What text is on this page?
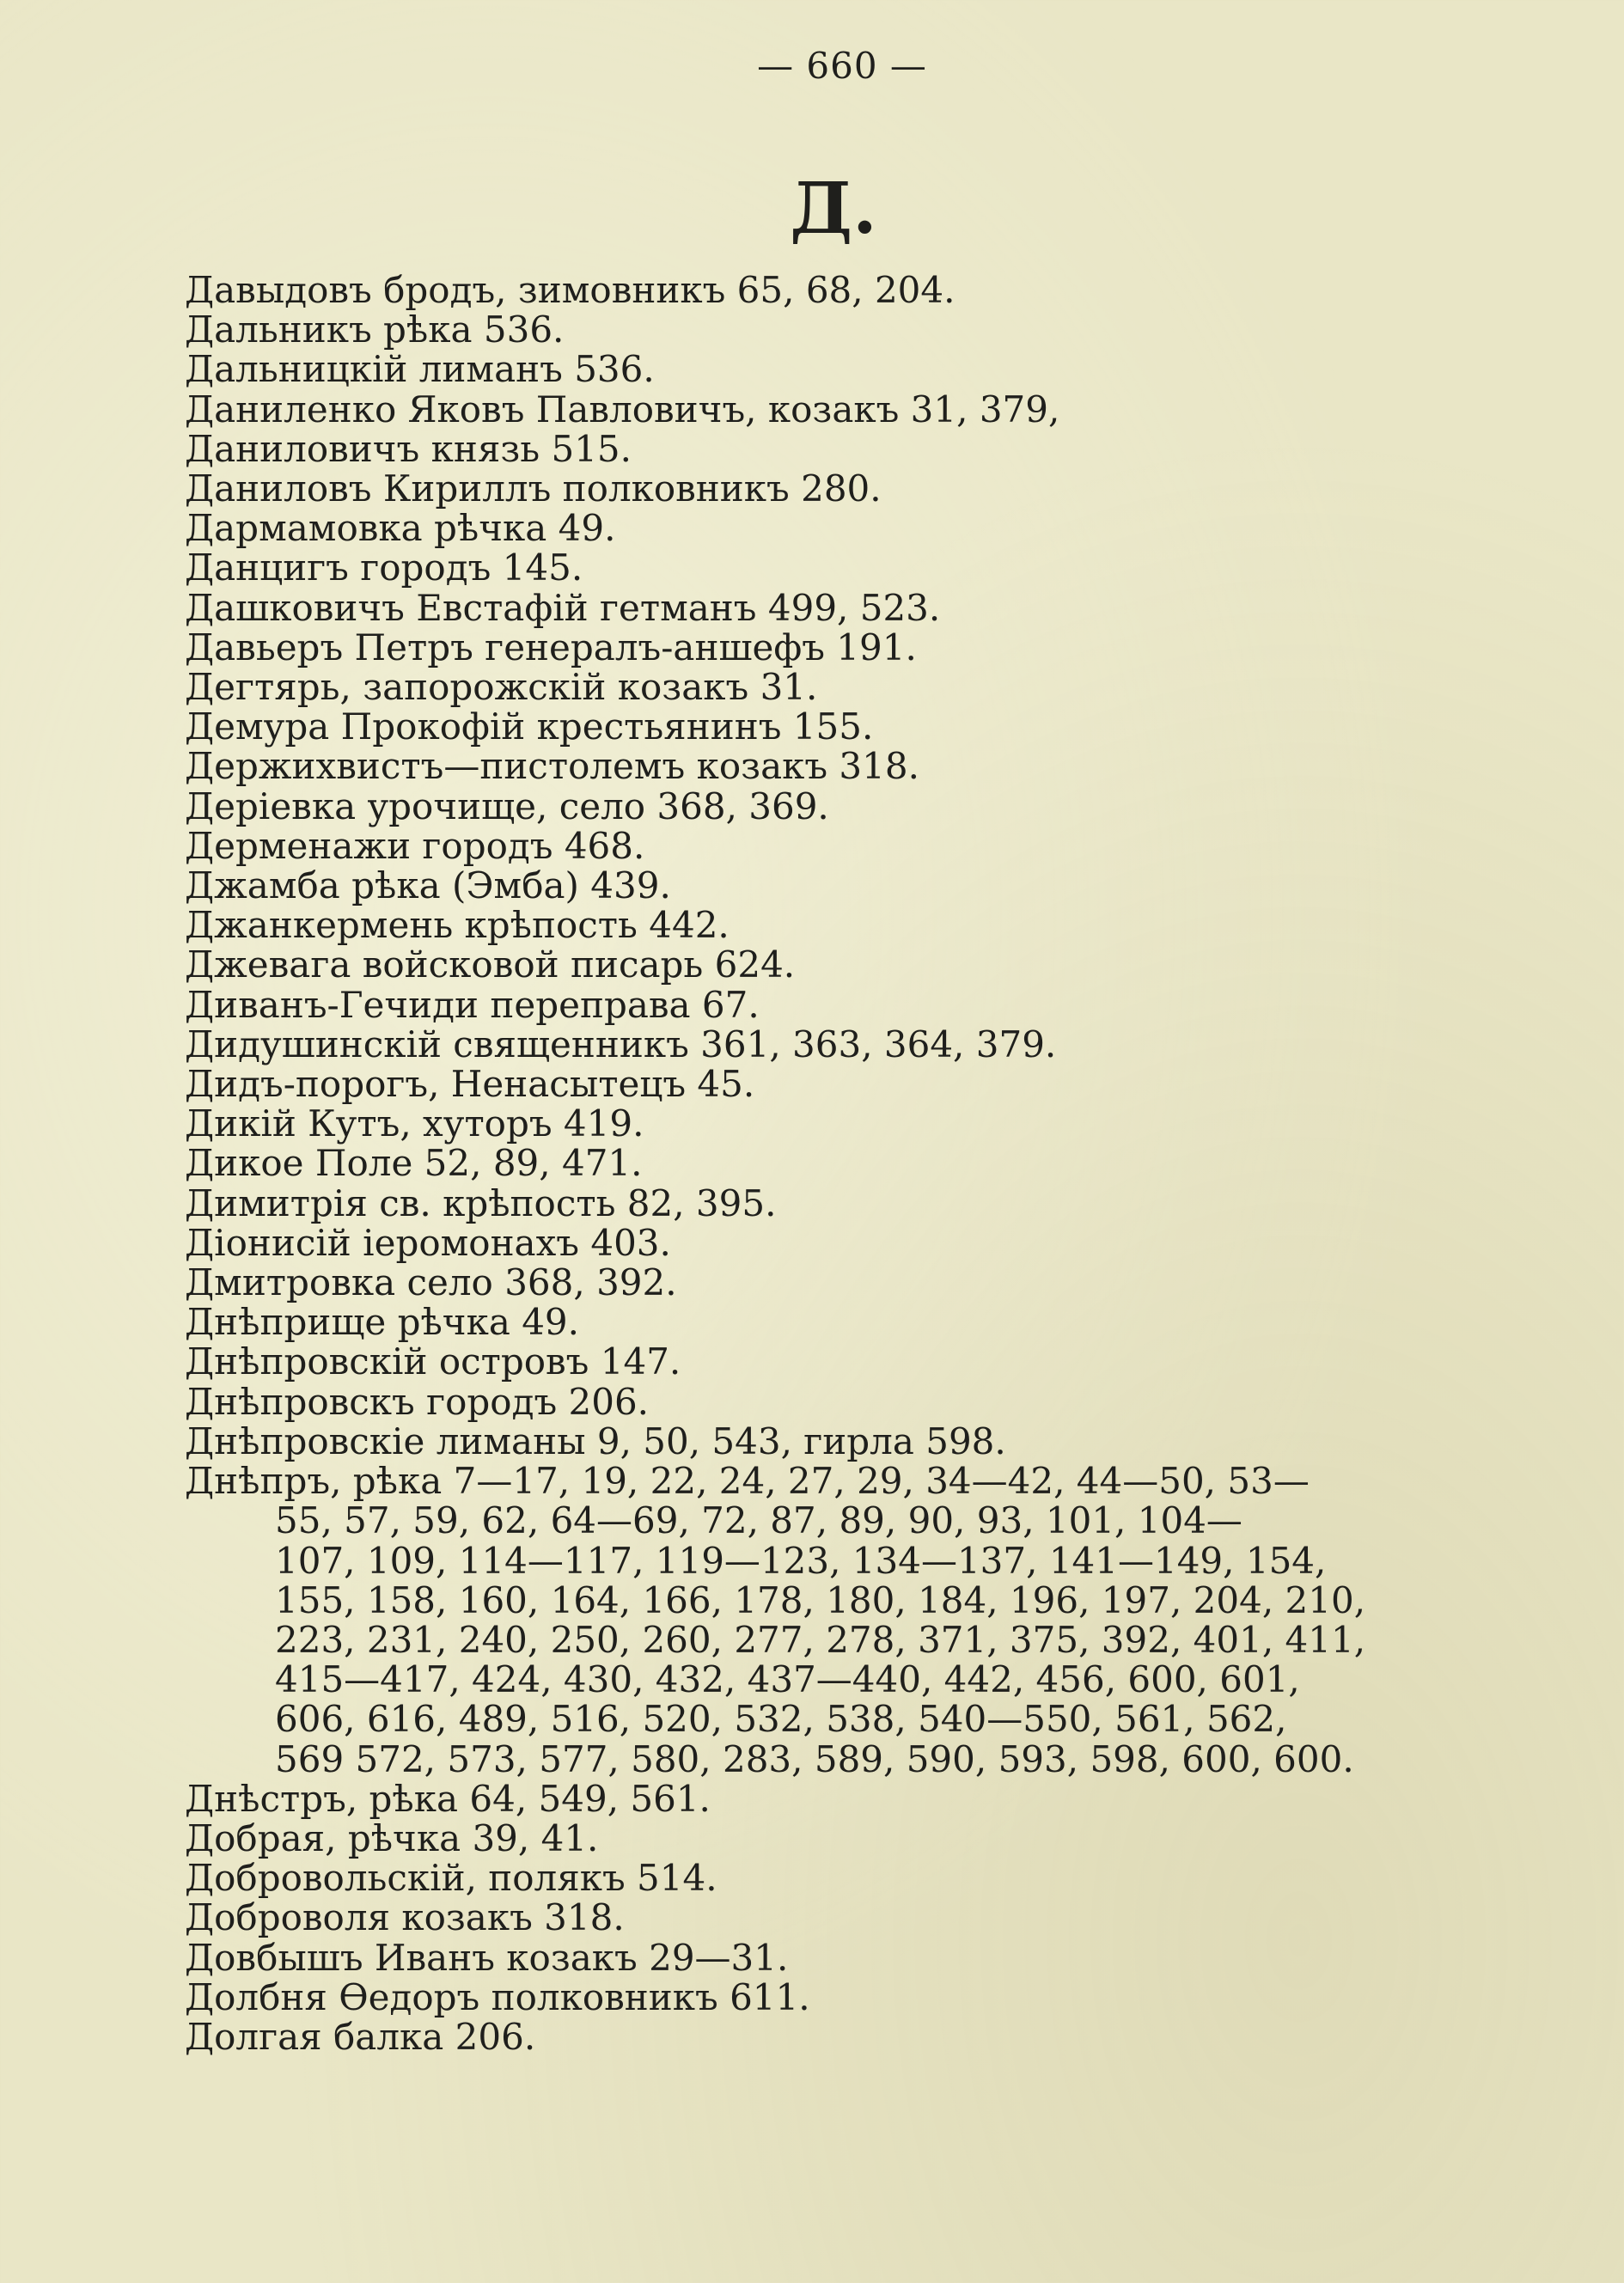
— 660 —
Д.
Давыдовъ бродъ, зимовникъ 65, 68, 204.
Дальникъ рѣка 536.
Дальницкій лиманъ 536.
Даниленко Яковъ Павловичъ, козакъ 31, 379,
Даниловичъ князь 515.
Даниловъ Кириллъ полковникъ 280.
Дармамовка рѣчка 49.
Данцигъ городъ 145.
Дашковичъ Евстафій гетманъ 499, 523.
Давьеръ Петръ генералъ-аншефъ 191.
Дегтярь, запорожскій козакъ 31.
Демура Прокофій крестьянинъ 155.
Держихвистъ—пистолемъ козакъ 318.
Деріевка урочище, село 368, 369.
Дерменажи городъ 468.
Джамба рѣка (Эмба) 439.
Джанкермень крѣпость 442.
Джевага войсковой писарь 624.
Диванъ-Гечиди переправа 67.
Дидушинскій священникъ 361, 363, 364, 379.
Дидъ-порогъ, Ненасытецъ 45.
Дикій Кутъ, хуторъ 419.
Дикое Поле 52, 89, 471.
Димитрія св. крѣпость 82, 395.
Діонисій іеромонахъ 403.
Дмитровка село 368, 392.
Днѣприще рѣчка 49.
Днѣпровскій островъ 147.
Днѣпровскъ городъ 206.
Днѣпровскіе лиманы 9, 50, 543, гирла 598.
Днѣпръ, рѣка 7—17, 19, 22, 24, 27, 29, 34—42, 44—50, 53—
55, 57, 59, 62, 64—69, 72, 87, 89, 90, 93, 101, 104—
107, 109, 114—117, 119—123, 134—137, 141—149, 154,
155, 158, 160, 164, 166, 178, 180, 184, 196, 197, 204, 210,
223, 231, 240, 250, 260, 277, 278, 371, 375, 392, 401, 411,
415—417, 424, 430, 432, 437—440, 442, 456, 600, 601,
606, 616, 489, 516, 520, 532, 538, 540—550, 561, 562,
569 572, 573, 577, 580, 283, 589, 590, 593, 598, 600, 600.
Днѣстръ, рѣка 64, 549, 561.
Добрая, рѣчка 39, 41.
Добровольскій, полякъ 514.
Доброволя козакъ 318.
Довбышъ Иванъ козакъ 29—31.
Долбня Ѳедоръ полковникъ 611.
Долгая балка 206.
